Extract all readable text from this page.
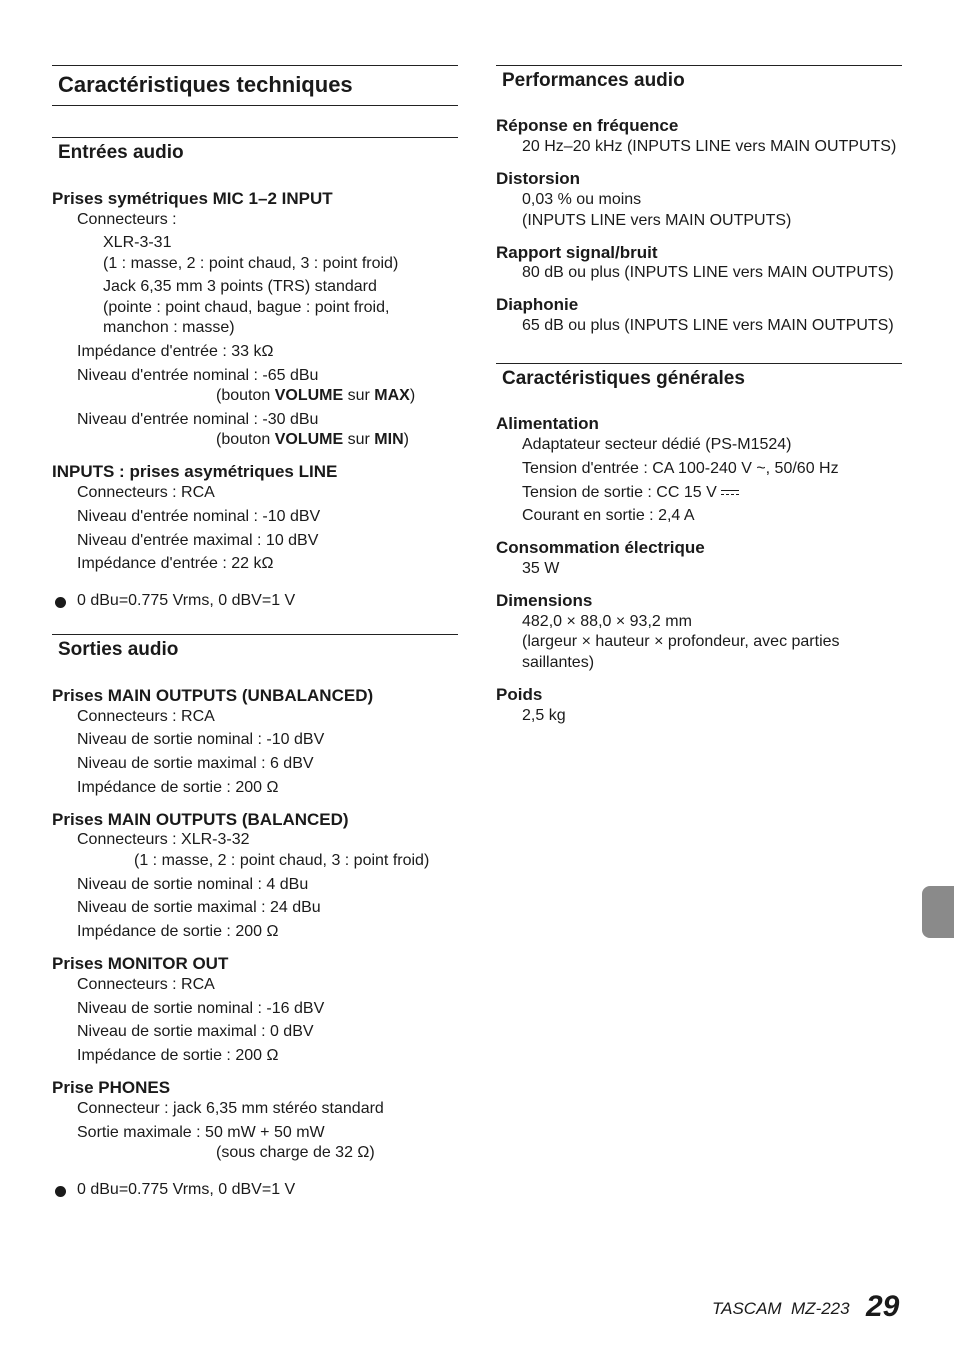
Caractéristiques techniques
Entrées audio
Prises symétriques MIC 1–2 INPUT
Connecteurs :
XLR-3-31
(1 : masse, 2 : point chaud, 3 : point froid)
Jack 6,35 mm 3 points (TRS) standard
(pointe : point chaud, bague : point froid,
manchon : masse)
Impédance d'entrée : 33 kΩ
Niveau d'entrée nominal : -65 dBu
(bouton VOLUME sur MAX)
Niveau d'entrée nominal : -30 dBu
(bouton VOLUME sur MIN)
INPUTS : prises asymétriques LINE
Connecteurs : RCA
Niveau d'entrée nominal : -10 dBV
Niveau d'entrée maximal : 10 dBV
Impédance d'entrée : 22 kΩ
0 dBu=0.775 Vrms, 0 dBV=1 V
Sorties audio
Prises MAIN OUTPUTS (UNBALANCED)
Connecteurs : RCA
Niveau de sortie nominal : -10 dBV
Niveau de sortie maximal : 6 dBV
Impédance de sortie : 200 Ω
Prises MAIN OUTPUTS (BALANCED)
Connecteurs : XLR-3-32
(1 : masse, 2 : point chaud, 3 : point froid)
Niveau de sortie nominal : 4 dBu
Niveau de sortie maximal : 24 dBu
Impédance de sortie : 200 Ω
Prises MONITOR OUT
Connecteurs : RCA
Niveau de sortie nominal : -16 dBV
Niveau de sortie maximal : 0 dBV
Impédance de sortie : 200 Ω
Prise PHONES
Connecteur : jack 6,35 mm stéréo standard
Sortie maximale : 50 mW + 50 mW
(sous charge de 32 Ω)
0 dBu=0.775 Vrms, 0 dBV=1 V
Performances audio
Réponse en fréquence
20 Hz–20 kHz (INPUTS LINE vers MAIN OUTPUTS)
Distorsion
0,03 % ou moins
(INPUTS LINE vers MAIN OUTPUTS)
Rapport signal/bruit
80 dB ou plus (INPUTS LINE vers MAIN OUTPUTS)
Diaphonie
65 dB ou plus (INPUTS LINE vers MAIN OUTPUTS)
Caractéristiques générales
Alimentation
Adaptateur secteur dédié (PS-M1524)
Tension d'entrée : CA 100-240 V ~, 50/60 Hz
Tension de sortie : CC 15 V
Courant en sortie : 2,4 A
Consommation électrique
35 W
Dimensions
482,0 × 88,0 × 93,2 mm
(largeur × hauteur × profondeur, avec parties
saillantes)
Poids
2,5 kg
TASCAM  MZ-223 29
